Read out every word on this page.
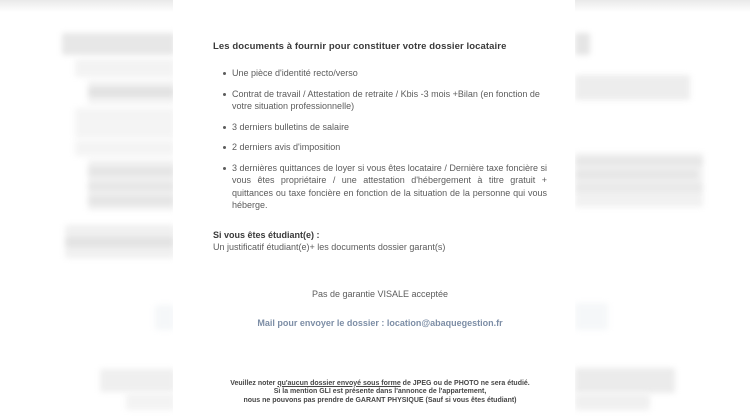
Les documents à fournir pour constituer votre dossier locataire
Une pièce d'identité recto/verso
Contrat de travail / Attestation de retraite / Kbis -3 mois +Bilan (en fonction de votre situation professionnelle)
3 derniers bulletins de salaire
2 derniers avis d'imposition
3 dernières quittances de loyer si vous êtes locataire / Dernière taxe foncière si vous êtes propriétaire / une attestation d'hébergement à titre gratuit + quittances ou taxe foncière en fonction de la situation de la personne qui vous héberge.
Si vous êtes étudiant(e) :
Un justificatif étudiant(e)+ les documents dossier garant(s)
Pas de garantie VISALE acceptée
Mail pour envoyer le dossier : location@abaquegestion.fr
Veuillez noter qu'aucun dossier envoyé sous forme de JPEG ou de PHOTO ne sera étudié.
Si la mention GLI est présente dans l'annonce de l'appartement,
nous ne pouvons pas prendre de GARANT PHYSIQUE (Sauf si vous êtes étudiant)
